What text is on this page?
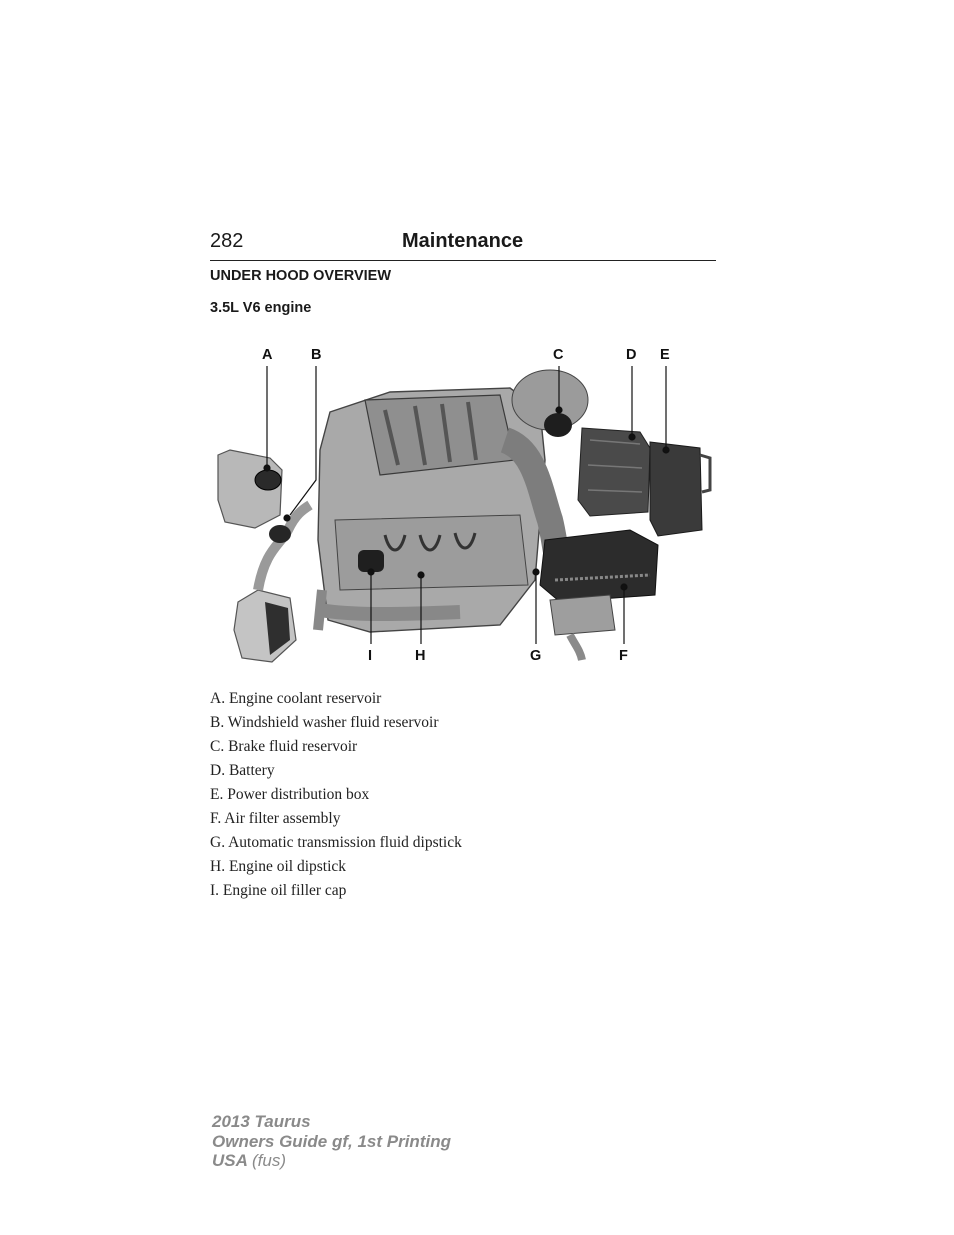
282	Maintenance
UNDER HOOD OVERVIEW
3.5L V6 engine
A	B	C	D E
I	H	G	F
A. Engine coolant reservoir
B. Windshield washer fluid reservoir
C. Brake fluid reservoir
D. Battery
E. Power distribution box
F. Air filter assembly
G. Automatic transmission fluid dipstick
H. Engine oil dipstick
I. Engine oil filler cap
2013 Taurus
Owners Guide gf, 1st Printing
USA (fus)
